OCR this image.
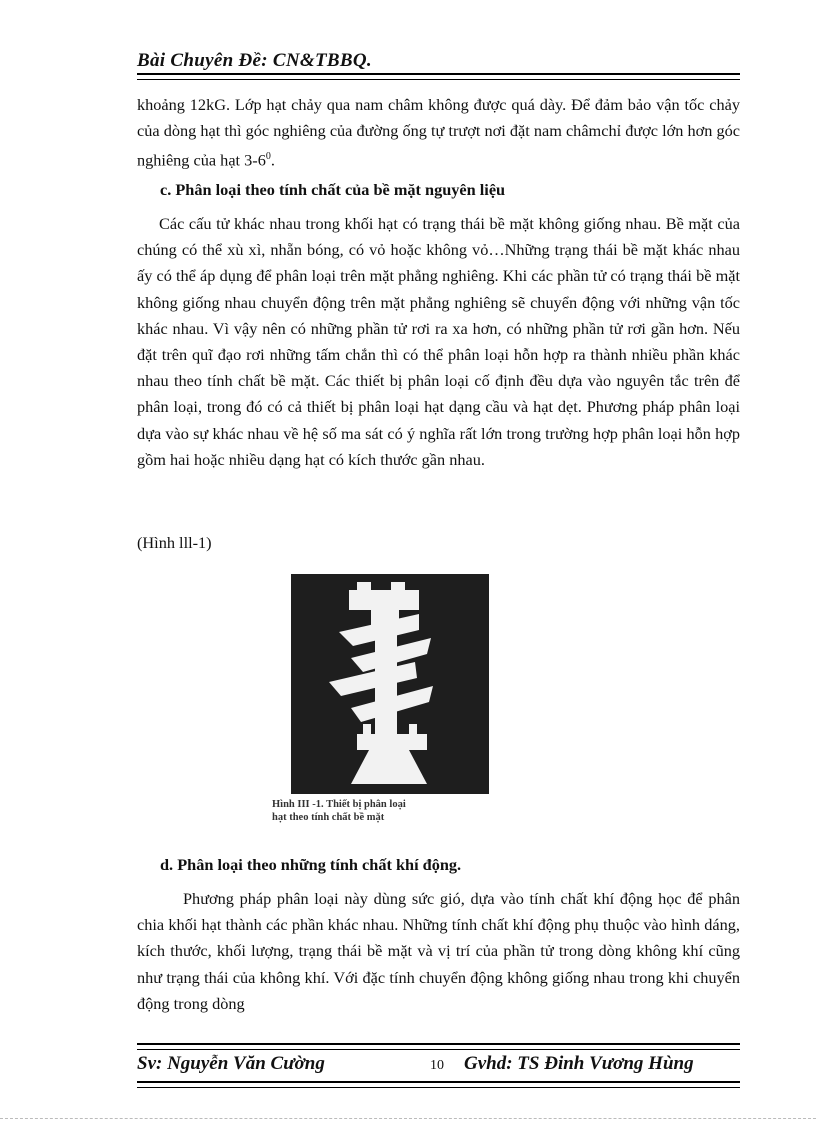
Bài Chuyên Đề: CN&TBBQ.

khoảng 12kG. Lớp hạt chảy qua nam châm không được quá dày. Để đảm bảo vận tốc chảy của dòng hạt thì góc nghiêng của đường ống tự trượt nơi đặt nam châmchỉ được lớn hơn góc nghiêng của hạt $3-6^0$.

c. Phân loại theo tính chất của bề mặt nguyên liệu

Các cấu tử khác nhau trong khối hạt có trạng thái bề mặt không giống nhau. Bề mặt của chúng có thể xù xì, nhẵn bóng, có vỏ hoặc không vỏ…Những trạng thái bề mặt khác nhau ấy có thể áp dụng để phân loại trên mặt phẳng nghiêng. Khi các phần tử có trạng thái bề mặt không giống nhau chuyển động trên mặt phẳng nghiêng sẽ chuyển động với những vận tốc khác nhau. Vì vậy nên có những phần tử rơi ra xa hơn, có những phần tử rơi gần hơn. Nếu đặt trên quĩ đạo rơi những tấm chắn thì có thể phân loại hỗn hợp ra thành nhiều phần khác nhau theo tính chất bề mặt. Các thiết bị phân loại cố định đều dựa vào nguyên tắc trên để phân loại, trong đó có cả thiết bị phân loại hạt dạng cầu và hạt dẹt. Phương pháp phân loại dựa vào sự khác nhau về hệ số ma sát có ý nghĩa rất lớn trong trường hợp phân loại hỗn hợp gồm hai hoặc nhiều dạng hạt có kích thước gần nhau.

(Hình lll-1)
Hình III -1. Thiết bị phân loại
hạt theo tính chất bề mặt
d. Phân loại theo những tính chất khí động.

Phương pháp phân loại này dùng sức gió, dựa vào tính chất khí động học để phân chia khối hạt thành các phần khác nhau. Những tính chất khí động phụ thuộc vào hình dáng, kích thước, khối lượng, trạng thái bề mặt và vị trí của phần tử trong dòng không khí cũng như trạng thái của không khí. Với đặc tính chuyển động không giống nhau trong khi chuyển động trong dòng

Sv: Nguyễn Văn Cường	10 Gvhd: TS Đinh Vương Hùng
